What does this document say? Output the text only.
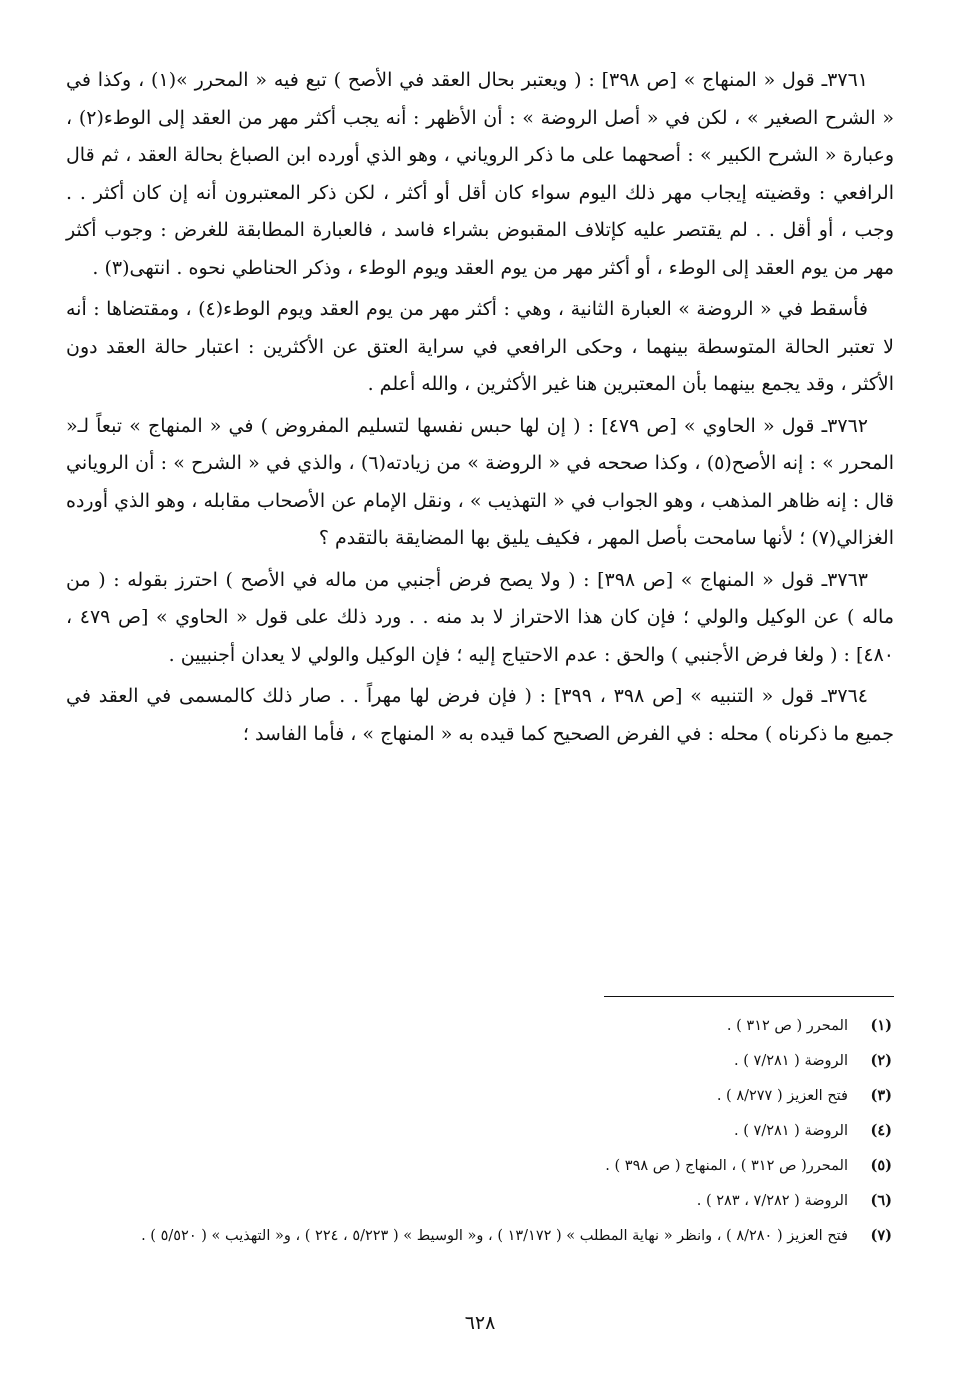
٣٧٦١ـ قول « المنهاج » [ص ٣٩٨] : ( ويعتبر بحال العقد في الأصح ) تبع فيه « المحرر »(١) ، وكذا في « الشرح الصغير » ، لكن في « أصل الروضة » : أن الأظهر : أنه يجب أكثر مهر من العقد إلى الوطء(٢) ، وعبارة « الشرح الكبير » : أصحهما على ما ذكر الروياني ، وهو الذي أورده ابن الصباغ بحالة العقد ، ثم قال الرافعي : وقضيته إيجاب مهر ذلك اليوم سواء كان أقل أو أكثر ، لكن ذكر المعتبرون أنه إن كان أكثر . . وجب ، أو أقل . . لم يقتصر عليه كإتلاف المقبوض بشراء فاسد ، فالعبارة المطابقة للغرض : وجوب أكثر مهر من يوم العقد إلى الوطء ، أو أكثر مهر من يوم العقد ويوم الوطء ، وذكر الحناطي نحوه . انتهى(٣) .

فأسقط في « الروضة » العبارة الثانية ، وهي : أكثر مهر من يوم العقد ويوم الوطء(٤) ، ومقتضاها : أنه لا تعتبر الحالة المتوسطة بينهما ، وحكى الرافعي في سراية العتق عن الأكثرين : اعتبار حالة العقد دون الأكثر ، وقد يجمع بينهما بأن المعتبرين هنا غير الأكثرين ، والله أعلم .

٣٧٦٢ـ قول « الحاوي » [ص ٤٧٩] : ( إن لها حبس نفسها لتسليم المفروض ) في « المنهاج » تبعاً لـ« المحرر » : إنه الأصح(٥) ، وكذا صححه في « الروضة » من زيادته(٦) ، والذي في « الشرح » : أن الروياني قال : إنه ظاهر المذهب ، وهو الجواب في « التهذيب » ، ونقل الإمام عن الأصحاب مقابله ، وهو الذي أورده الغزالي(٧) ؛ لأنها سامحت بأصل المهر ، فكيف يليق بها المضايقة بالتقدم ؟

٣٧٦٣ـ قول « المنهاج » [ص ٣٩٨] : ( ولا يصح فرض أجنبي من ماله في الأصح ) احترز بقوله : ( من ماله ) عن الوكيل والولي ؛ فإن كان هذا الاحتراز لا بد منه . . ورد ذلك على قول « الحاوي » [ص ٤٧٩ ، ٤٨٠] : ( ولغا فرض الأجنبي ) والحق : عدم الاحتياج إليه ؛ فإن الوكيل والولي لا يعدان أجنبيين .

٣٧٦٤ـ قول « التنبيه » [ص ٣٩٨ ، ٣٩٩] : ( فإن فرض لها مهراً . . صار ذلك كالمسمى في العقد في جميع ما ذكرناه ) محله : في الفرض الصحيح كما قيده به « المنهاج » ، فأما الفاسد ؛

(١)
المحرر ( ص ٣١٢ ) .
(٢)
الروضة ( ٧/٢٨١ ) .
(٣)
فتح العزيز ( ٨/٢٧٧ ) .
(٤)
الروضة ( ٧/٢٨١ ) .
(٥)
المحرر( ص ٣١٢ ) ، المنهاج ( ص ٣٩٨ ) .
(٦)
الروضة ( ٧/٢٨٢ ، ٢٨٣ ) .
(٧)
فتح العزيز ( ٨/٢٨٠ ) ، وانظر « نهاية المطلب » ( ١٣/١٧٢ ) ، و« الوسيط » ( ٥/٢٢٣ ، ٢٢٤ ) ، و« التهذيب » ( ٥/٥٢٠ ) .
٦٢٨
